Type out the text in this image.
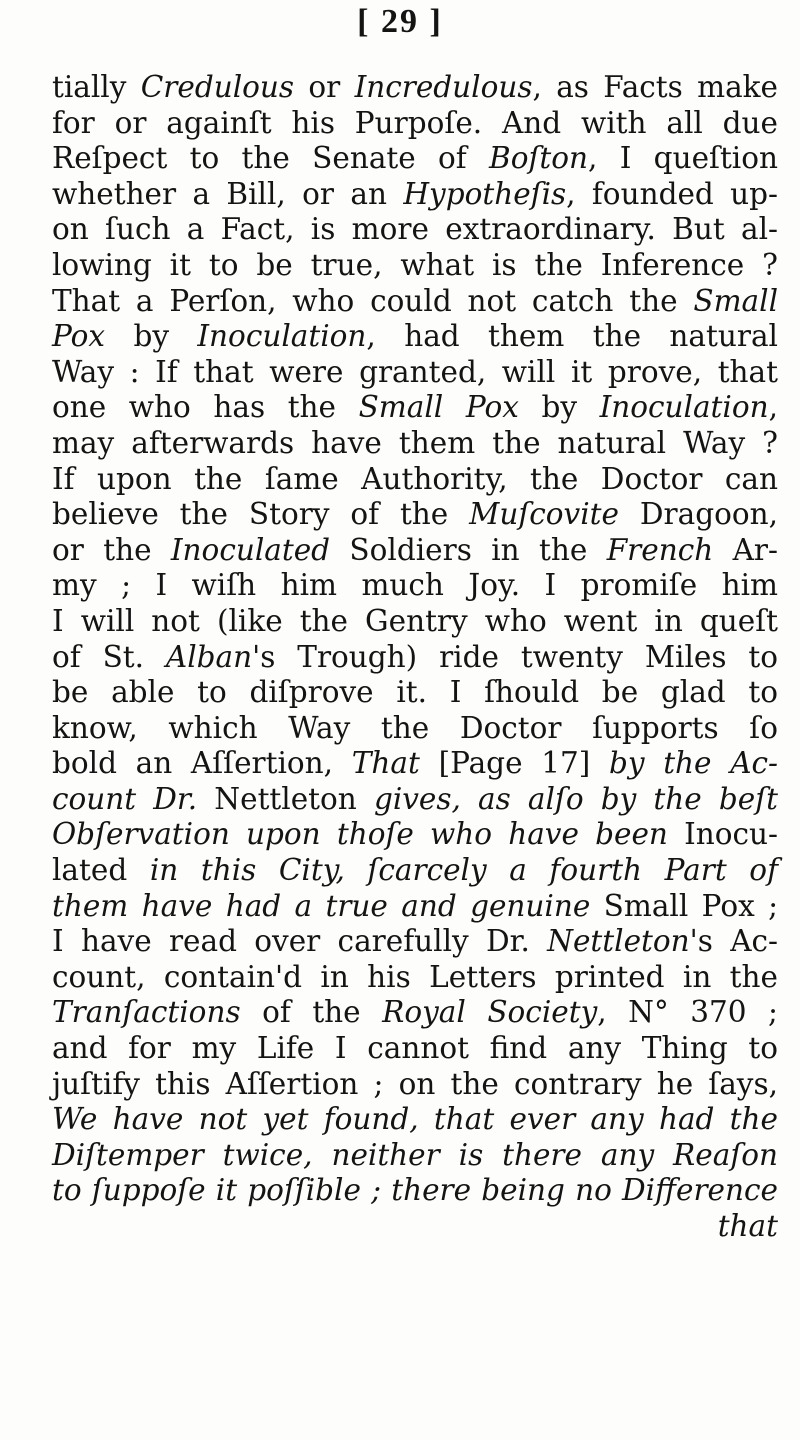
[ 29 ]
tially Credulous or Incredulous, as Facts make
for or againſt his Purpoſe. And with all due
Reſpect to the Senate of Boſton, I queſtion
whether a Bill, or an Hypotheſis, founded up-
on ſuch a Fact, is more extraordinary. But al-
lowing it to be true, what is the Inference ?
That a Perſon, who could not catch the Small
Pox by Inoculation, had them the natural
Way : If that were granted, will it prove, that
one who has the Small Pox by Inoculation,
may afterwards have them the natural Way ?
If upon the ſame Authority, the Doctor can
believe the Story of the Muſcovite Dragoon,
or the Inoculated Soldiers in the French Ar-
my ; I wiſh him much Joy. I promiſe him
I will not (like the Gentry who went in queſt
of St. Alban's Trough) ride twenty Miles to
be able to diſprove it. I ſhould be glad to
know, which Way the Doctor ſupports ſo
bold an Aſſertion, That [Page 17] by the Ac-
count Dr. Nettleton gives, as alſo by the beſt
Obſervation upon thoſe who have been Inocu-
lated in this City, ſcarcely a fourth Part of
them have had a true and genuine Small Pox ;
I have read over carefully Dr. Nettleton's Ac-
count, contain'd in his Letters printed in the
Tranſactions of the Royal Society, N° 370 ;
and for my Life I cannot find any Thing to
juſtify this Aſſertion ; on the contrary he ſays,
We have not yet found, that ever any had the
Diſtemper twice, neither is there any Reaſon
to ſuppoſe it poſſible ; there being no Difference
that
